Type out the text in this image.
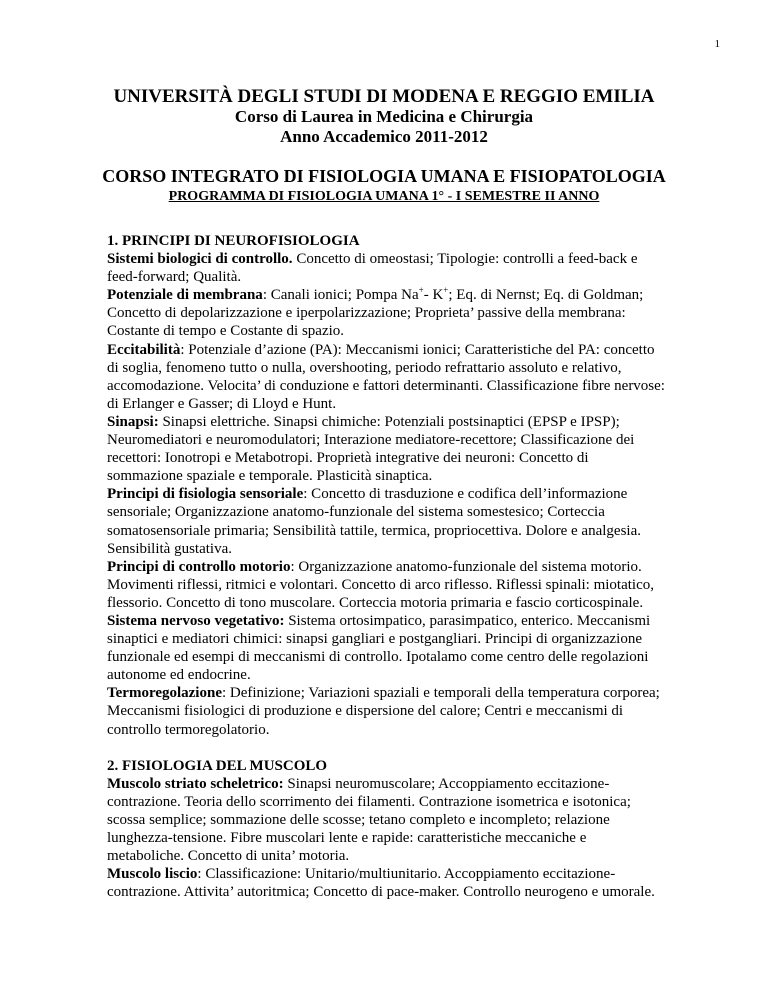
1
UNIVERSITÀ DEGLI STUDI DI MODENA E REGGIO EMILIA
Corso di Laurea in Medicina e Chirurgia
Anno Accademico 2011-2012
CORSO INTEGRATO DI FISIOLOGIA UMANA E FISIOPATOLOGIA
PROGRAMMA DI FISIOLOGIA UMANA 1° - I SEMESTRE II ANNO

1. PRINCIPI DI NEUROFISIOLOGIA

Sistemi biologici di controllo. Concetto di omeostasi; Tipologie: controlli a feed-back e feed-forward; Qualità.

Potenziale di membrana: Canali ionici; Pompa Na+- K+; Eq. di Nernst; Eq. di Goldman; Concetto di depolarizzazione e iperpolarizzazione; Proprieta’ passive della membrana: Costante di tempo e Costante di spazio.

Eccitabilità: Potenziale d’azione (PA): Meccanismi ionici; Caratteristiche del PA: concetto di soglia, fenomeno tutto o nulla, overshooting, periodo refrattario assoluto e relativo, accomodazione. Velocita’ di conduzione e fattori determinanti. Classificazione fibre nervose: di Erlanger e Gasser; di Lloyd e Hunt.

Sinapsi: Sinapsi elettriche. Sinapsi chimiche: Potenziali postsinaptici (EPSP e IPSP); Neuromediatori e neuromodulatori; Interazione mediatore-recettore; Classificazione dei recettori: Ionotropi e Metabotropi. Proprietà integrative dei neuroni: Concetto di sommazione spaziale e temporale. Plasticità sinaptica.

Principi di fisiologia sensoriale: Concetto di trasduzione e codifica dell’informazione sensoriale; Organizzazione anatomo-funzionale del sistema somestesico; Corteccia somatosensoriale primaria; Sensibilità tattile, termica, propriocettiva. Dolore e analgesia. Sensibilità gustativa.

Principi di controllo motorio: Organizzazione anatomo-funzionale del sistema motorio. Movimenti riflessi, ritmici e volontari. Concetto di arco riflesso. Riflessi spinali: miotatico, flessorio. Concetto di tono muscolare. Corteccia motoria primaria e fascio corticospinale.

Sistema nervoso vegetativo: Sistema ortosimpatico, parasimpatico, enterico. Meccanismi sinaptici e mediatori chimici: sinapsi gangliari e postgangliari. Principi di organizzazione funzionale ed esempi di meccanismi di controllo. Ipotalamo come centro delle regolazioni autonome ed endocrine.

Termoregolazione: Definizione; Variazioni spaziali e temporali della temperatura corporea; Meccanismi fisiologici di produzione e dispersione del calore; Centri e meccanismi di controllo termoregolatorio.

2. FISIOLOGIA DEL MUSCOLO

Muscolo striato scheletrico: Sinapsi neuromuscolare; Accoppiamento eccitazione-contrazione. Teoria dello scorrimento dei filamenti. Contrazione isometrica e isotonica; scossa semplice; sommazione delle scosse; tetano completo e incompleto; relazione lunghezza-tensione. Fibre muscolari lente e rapide: caratteristiche meccaniche e metaboliche. Concetto di unita’ motoria.

Muscolo liscio: Classificazione: Unitario/multiunitario. Accoppiamento eccitazione-contrazione. Attivita’ autoritmica; Concetto di pace-maker. Controllo neurogeno e umorale.
